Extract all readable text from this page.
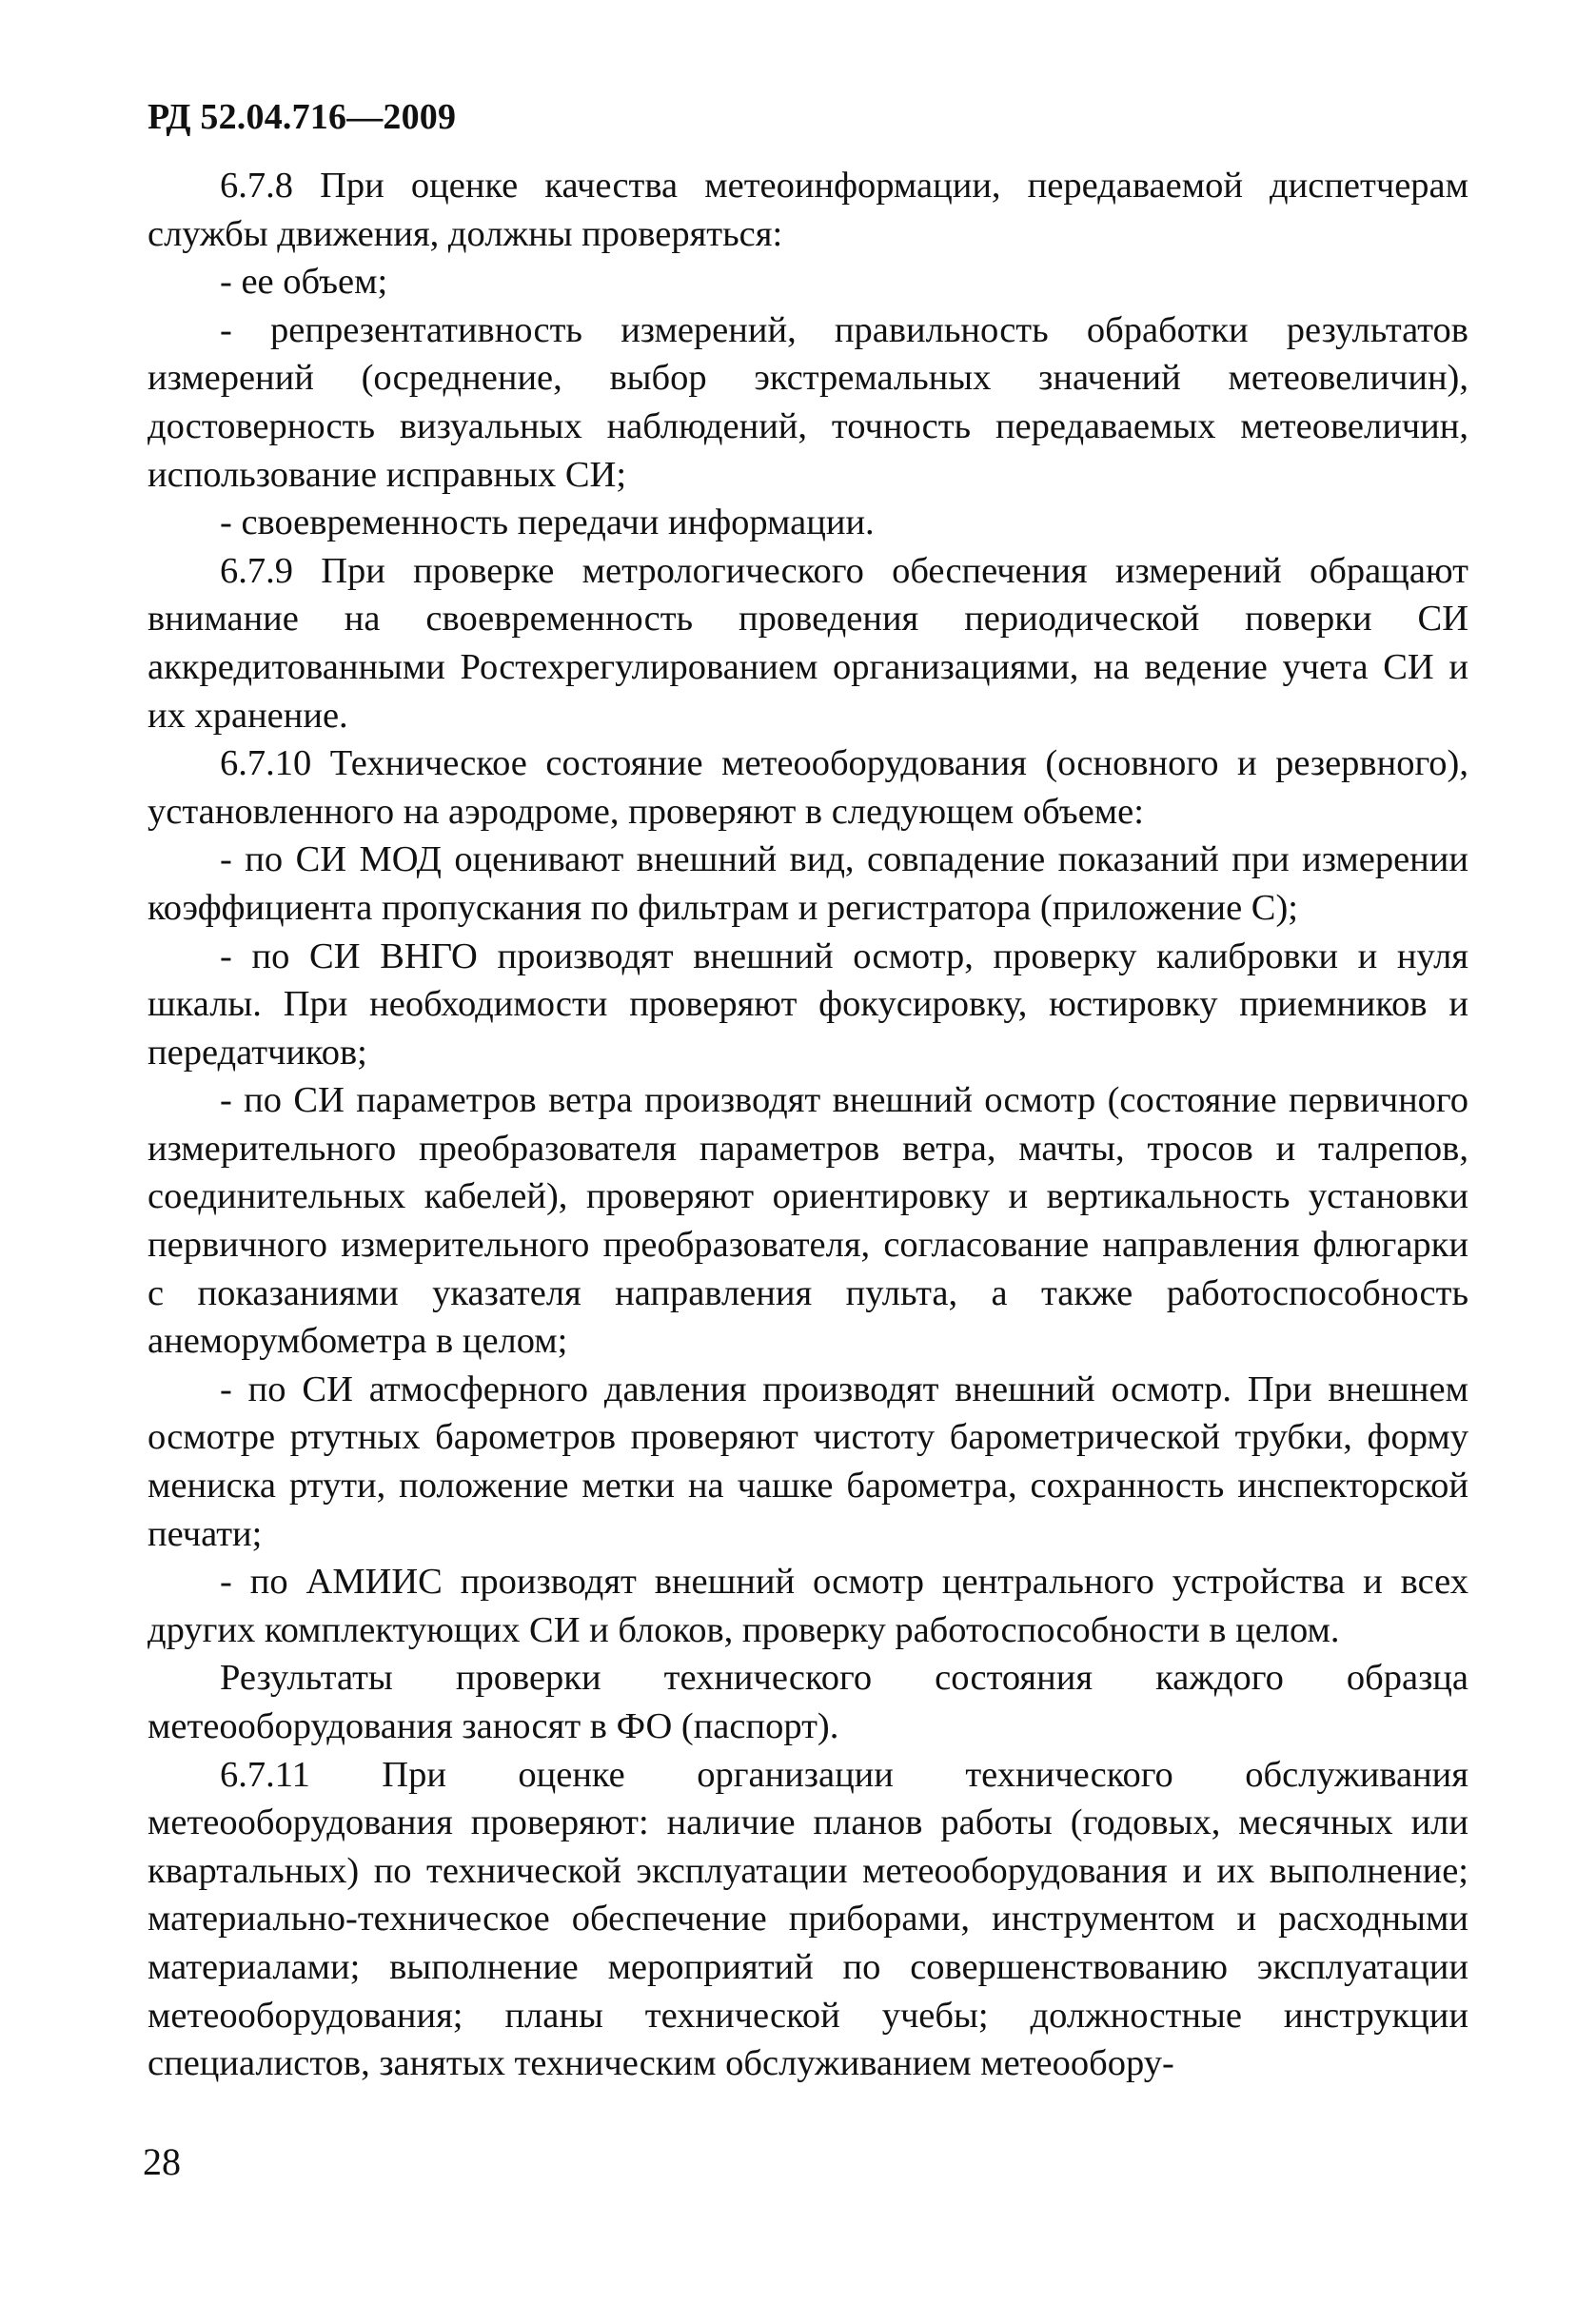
РД 52.04.716—2009

6.7.8 При оценке качества метеоинформации, передаваемой диспетчерам службы движения, должны проверяться:

- ее объем;

- репрезентативность измерений, правильность обработки результатов измерений (осреднение, выбор экстремальных значений метеовеличин), достоверность визуальных наблюдений, точность передаваемых метеовеличин, использование исправных СИ;

- своевременность передачи информации.

6.7.9 При проверке метрологического обеспечения измерений обращают внимание на своевременность проведения периодической поверки СИ аккредитованными Ростехрегулированием организациями, на ведение учета СИ и их хранение.

6.7.10 Техническое состояние метеооборудования (основного и резервного), установленного на аэродроме, проверяют в следующем объеме:

- по СИ МОД оценивают внешний вид, совпадение показаний при измерении коэффициента пропускания по фильтрам и регистратора (приложение С);

- по СИ ВНГО производят внешний осмотр, проверку калибровки и нуля шкалы. При необходимости проверяют фокусировку, юстировку приемников и передатчиков;

- по СИ параметров ветра производят внешний осмотр (состояние первичного измерительного преобразователя параметров ветра, мачты, тросов и талрепов, соединительных кабелей), проверяют ориентировку и вертикальность установки первичного измерительного преобразователя, согласование направления флюгарки с показаниями указателя направления пульта, а также работоспособность анеморумбометра в целом;

- по СИ атмосферного давления производят внешний осмотр. При внешнем осмотре ртутных барометров проверяют чистоту барометрической трубки, форму мениска ртути, положение метки на чашке барометра, сохранность инспекторской печати;

- по АМИИС производят внешний осмотр центрального устройства и всех других комплектующих СИ и блоков, проверку работоспособности в целом.

Результаты проверки технического состояния каждого образца метеооборудования заносят в ФО (паспорт).

6.7.11 При оценке организации технического обслуживания метеооборудования проверяют: наличие планов работы (годовых, месячных или квартальных) по технической эксплуатации метеооборудования и их выполнение; материально-техническое обеспечение приборами, инструментом и расходными материалами; выполнение мероприятий по совершенствованию эксплуатации метеооборудования; планы технической учебы; должностные инструкции специалистов, занятых техническим обслуживанием метеообору-

28
